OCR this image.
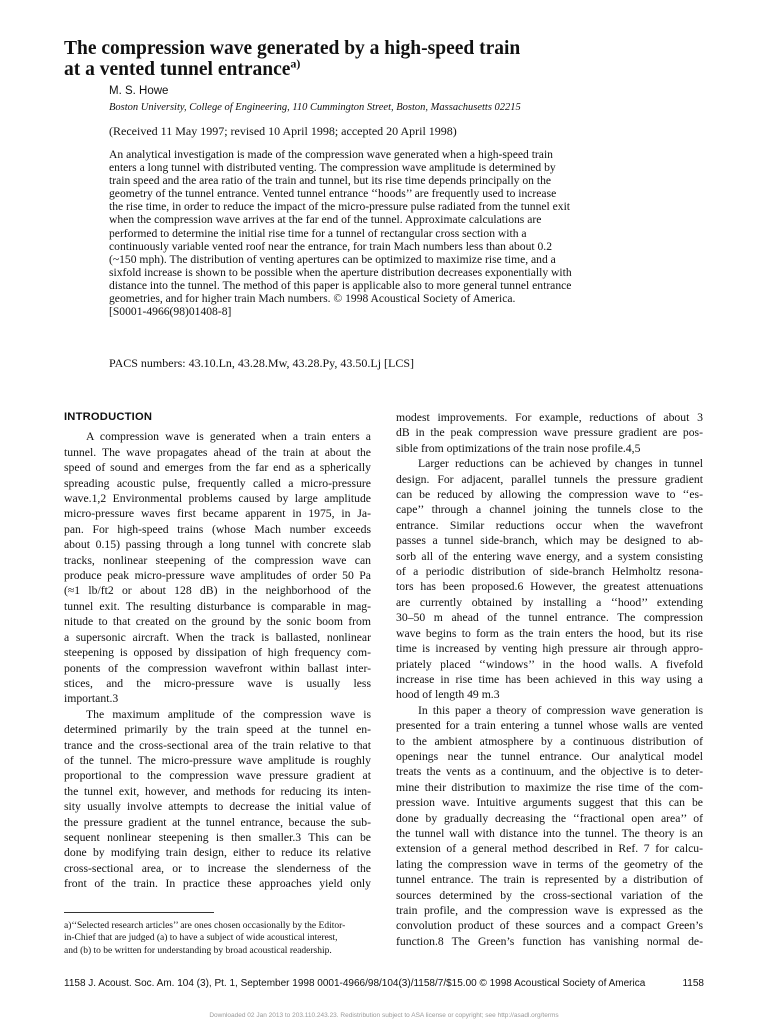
The compression wave generated by a high-speed train
at a vented tunnel entrance$^{a)}$
M. S. Howe
Boston University, College of Engineering, 110 Cummington Street, Boston, Massachusetts 02215
(Received 11 May 1997; revised 10 April 1998; accepted 20 April 1998)
An analytical investigation is made of the compression wave generated when a high-speed train
enters a long tunnel with distributed venting. The compression wave amplitude is determined by
train speed and the area ratio of the train and tunnel, but its rise time depends principally on the
geometry of the tunnel entrance. Vented tunnel entrance ‘‘hoods’’ are frequently used to increase
the rise time, in order to reduce the impact of the micro-pressure pulse radiated from the tunnel exit
when the compression wave arrives at the far end of the tunnel. Approximate calculations are
performed to determine the initial rise time for a tunnel of rectangular cross section with a
continuously variable vented roof near the entrance, for train Mach numbers less than about 0.2
(~150 mph). The distribution of venting apertures can be optimized to maximize rise time, and a
sixfold increase is shown to be possible when the aperture distribution decreases exponentially with
distance into the tunnel. The method of this paper is applicable also to more general tunnel entrance
geometries, and for higher train Mach numbers. © 1998 Acoustical Society of America.
[S0001-4966(98)01408-8]
PACS numbers: 43.10.Ln, 43.28.Mw, 43.28.Py, 43.50.Lj [LCS]
INTRODUCTION
A compression wave is generated when a train enters a
tunnel. The wave propagates ahead of the train at about the
speed of sound and emerges from the far end as a spherically
spreading acoustic pulse, frequently called a micro-pressure
wave.1,2 Environmental problems caused by large amplitude
micro-pressure waves first became apparent in 1975, in Ja-
pan. For high-speed trains (whose Mach number exceeds
about 0.15) passing through a long tunnel with concrete slab
tracks, nonlinear steepening of the compression wave can
produce peak micro-pressure wave amplitudes of order 50 Pa
(≈1 lb/ft2 or about 128 dB) in the neighborhood of the
tunnel exit. The resulting disturbance is comparable in mag-
nitude to that created on the ground by the sonic boom from
a supersonic aircraft. When the track is ballasted, nonlinear
steepening is opposed by dissipation of high frequency com-
ponents of the compression wavefront within ballast inter-
stices, and the micro-pressure wave is usually less
important.3
The maximum amplitude of the compression wave is
determined primarily by the train speed at the tunnel en-
trance and the cross-sectional area of the train relative to that
of the tunnel. The micro-pressure wave amplitude is roughly
proportional to the compression wave pressure gradient at
the tunnel exit, however, and methods for reducing its inten-
sity usually involve attempts to decrease the initial value of
the pressure gradient at the tunnel entrance, because the sub-
sequent nonlinear steepening is then smaller.3 This can be
done by modifying train design, either to reduce its relative
cross-sectional area, or to increase the slenderness of the
front of the train. In practice these approaches yield only
modest improvements. For example, reductions of about 3
dB in the peak compression wave pressure gradient are pos-
sible from optimizations of the train nose profile.4,5
Larger reductions can be achieved by changes in tunnel
design. For adjacent, parallel tunnels the pressure gradient
can be reduced by allowing the compression wave to ‘‘es-
cape’’ through a channel joining the tunnels close to the
entrance. Similar reductions occur when the wavefront
passes a tunnel side-branch, which may be designed to ab-
sorb all of the entering wave energy, and a system consisting
of a periodic distribution of side-branch Helmholtz resona-
tors has been proposed.6 However, the greatest attenuations
are currently obtained by installing a ‘‘hood’’ extending
30–50 m ahead of the tunnel entrance. The compression
wave begins to form as the train enters the hood, but its rise
time is increased by venting high pressure air through appro-
priately placed ‘‘windows’’ in the hood walls. A fivefold
increase in rise time has been achieved in this way using a
hood of length 49 m.3
In this paper a theory of compression wave generation is
presented for a train entering a tunnel whose walls are vented
to the ambient atmosphere by a continuous distribution of
openings near the tunnel entrance. Our analytical model
treats the vents as a continuum, and the objective is to deter-
mine their distribution to maximize the rise time of the com-
pression wave. Intuitive arguments suggest that this can be
done by gradually decreasing the ‘‘fractional open area’’ of
the tunnel wall with distance into the tunnel. The theory is an
extension of a general method described in Ref. 7 for calcu-
lating the compression wave in terms of the geometry of the
tunnel entrance. The train is represented by a distribution of
sources determined by the cross-sectional variation of the
train profile, and the compression wave is expressed as the
convolution product of these sources and a compact Green’s
function.8 The Green’s function has vanishing normal de-
a)‘‘Selected research articles’’ are ones chosen occasionally by the Editor-
in-Chief that are judged (a) to have a subject of wide acoustical interest,
and (b) to be written for understanding by broad acoustical readership.
1158 J. Acoust. Soc. Am. 104 (3), Pt. 1, September 1998 0001-4966/98/104(3)/1158/7/$15.00 © 1998 Acoustical Society of America	1158
Downloaded 02 Jan 2013 to 203.110.243.23. Redistribution subject to ASA license or copyright; see http://asadl.org/terms
